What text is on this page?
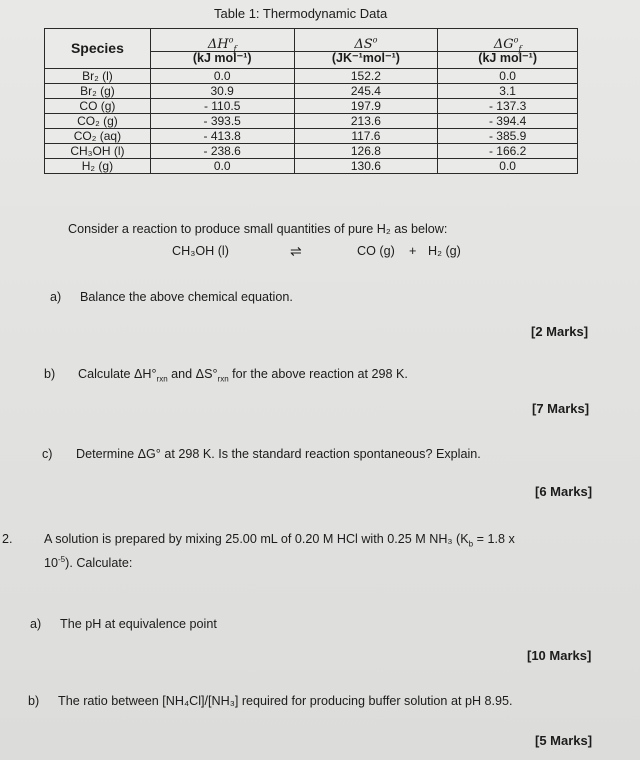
Table 1: Thermodynamic Data
Species	$\Delta H^o_f$	$\Delta S^o$	$\Delta G^o_f$
	(kJ mol⁻¹)	(JK⁻¹mol⁻¹)	(kJ mol⁻¹)
Br₂ (l)	0.0	152.2	0.0
Br₂ (g)	30.9	245.4	3.1
CO (g)	- 110.5	197.9	- 137.3
CO₂ (g)	- 393.5	213.6	- 394.4
CO₂ (aq)	- 413.8	117.6	- 385.9
CH₃OH (l)	- 238.6	126.8	- 166.2
H₂ (g)	0.0	130.6	0.0
Consider a reaction to produce small quantities of pure H₂ as below:
CH₃OH (l)	⇌	CO (g) + H₂ (g)
a) Balance the above chemical equation.
[2 Marks]
b) Calculate $\Delta H^\circ_{rxn}$ and $\Delta S^\circ_{rxn}$ for the above reaction at 298 K.
[7 Marks]
c) Determine ΔG° at 298 K. Is the standard reaction spontaneous? Explain.
[6 Marks]
2. A solution is prepared by mixing 25.00 mL of 0.20 M HCl with 0.25 M NH₃ ($K_b = 1.8$ x
$10^{-5}$). Calculate:
a) The pH at equivalence point
[10 Marks]
b) The ratio between [NH₄Cl]/[NH₃] required for producing buffer solution at pH 8.95.
[5 Marks]
